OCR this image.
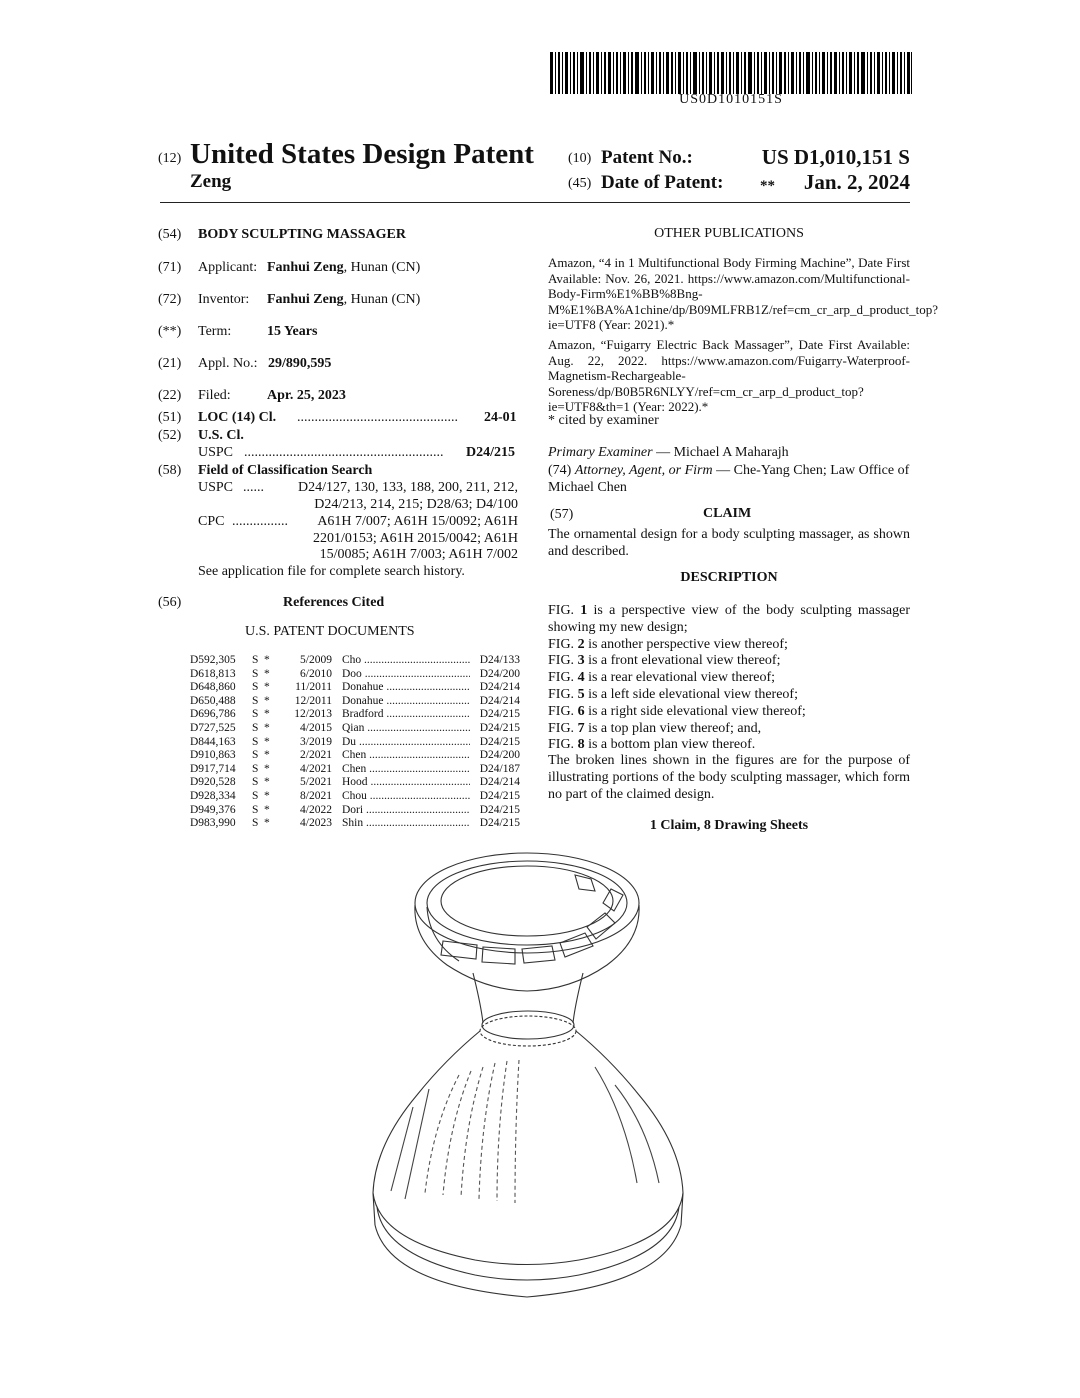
US0D1010151S
(12) United States Design Patent
Zeng
(10) Patent No.:	US D1,010,151 S
(45) Date of Patent: ** Jan. 2, 2024
(54) BODY SCULPTING MASSAGER
(71) Applicant: Fanhui Zeng, Hunan (CN)
(72) Inventor: Fanhui Zeng, Hunan (CN)
(**) Term:	15 Years
(21) Appl. No.: 29/890,595
(22) Filed:	Apr. 25, 2023
(51) LOC (14) Cl. ..............................................	24-01
(52) U.S. Cl.
USPC .........................................................	D24/215
(58) Field of Classification Search
USPC ...... D24/127, 130, 133, 188, 200, 211, 212,
D24/213, 214, 215; D28/63; D4/100
CPC ................ A61H 7/007; A61H 15/0092; A61H
2201/0153; A61H 2015/0042; A61H
15/0085; A61H 7/003; A61H 7/002
See application file for complete search history.
(56)	References Cited
U.S. PATENT DOCUMENTS
D592,305	S *	5/2009 Cho .....	D24/133
D618,813	S *	6/2010 Doo .....	D24/200
D648,860	S *	11/2011 Donahue .....	D24/214
D650,488	S *	12/2011 Donahue .....	D24/214
D696,786	S *	12/2013 Bradford .....	D24/215
D727,525	S *	4/2015 Qian .....	D24/215
D844,163	S *	3/2019 Du .....	D24/215
D910,863	S *	2/2021 Chen .....	D24/200
D917,714	S *	4/2021 Chen .....	D24/187
D920,528	S *	5/2021 Hood .....	D24/214
D928,334	S *	8/2021 Chou .....	D24/215
D949,376	S *	4/2022 Dori .....	D24/215
D983,990	S *	4/2023 Shin .....	D24/215
OTHER PUBLICATIONS
Amazon, “4 in 1 Multifunctional Body Firming Machine”, Date First Available: Nov. 26, 2021. https://www.amazon.com/Multifunctional-Body-Firm%E1%BB%8Bng-M%E1%BA%A1chine/dp/B09MLFRB1Z/ref=cm_cr_arp_d_product_top?ie=UTF8 (Year: 2021).*
Amazon, “Fuigarry Electric Back Massager”, Date First Available: Aug. 22, 2022. https://www.amazon.com/Fuigarry-Waterproof-Magnetism-Rechargeable-Soreness/dp/B0B5R6NLYY/ref=cm_cr_arp_d_product_top?ie=UTF8&th=1 (Year: 2022).*
* cited by examiner
Primary Examiner — Michael A Maharajh
(74) Attorney, Agent, or Firm — Che-Yang Chen; Law Office of Michael Chen
(57)	CLAIM
The ornamental design for a body sculpting massager, as shown and described.
DESCRIPTION
FIG. 1 is a perspective view of the body sculpting massager showing my new design;
FIG. 2 is another perspective view thereof;
FIG. 3 is a front elevational view thereof;
FIG. 4 is a rear elevational view thereof;
FIG. 5 is a left side elevational view thereof;
FIG. 6 is a right side elevational view thereof;
FIG. 7 is a top plan view thereof; and,
FIG. 8 is a bottom plan view thereof.
The broken lines shown in the figures are for the purpose of illustrating portions of the body sculpting massager, which form no part of the claimed design.
1 Claim, 8 Drawing Sheets
